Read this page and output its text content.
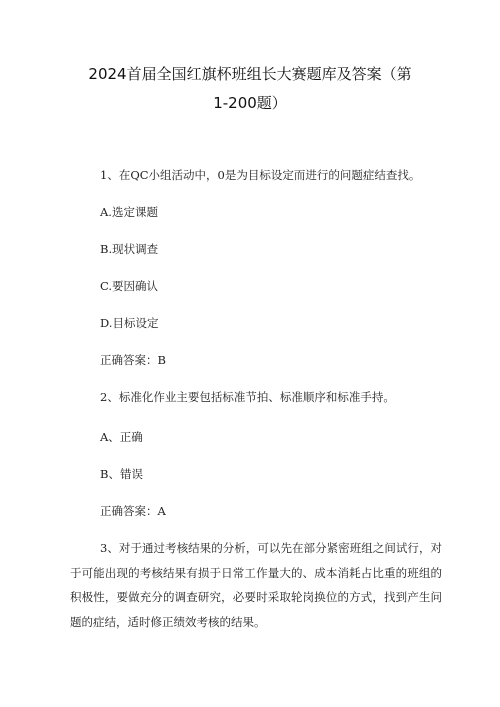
2024首届全国红旗杯班组长大赛题库及答案（第
1-200题）
1、在QC小组活动中，0是为目标设定而进行的问题症结查找。
A.选定课题
B.现状调查
C.要因确认
D.目标设定
正确答案：B
2、标准化作业主要包括标准节拍、标准顺序和标准手持。
A、正确
B、错误
正确答案：A
3、对于通过考核结果的分析，可以先在部分紧密班组之间试行，对于可能出现的考核结果有损于日常工作量大的、成本消耗占比重的班组的积极性，要做充分的调查研究，必要时采取轮岗换位的方式，找到产生问题的症结，适时修正绩效考核的结果。
